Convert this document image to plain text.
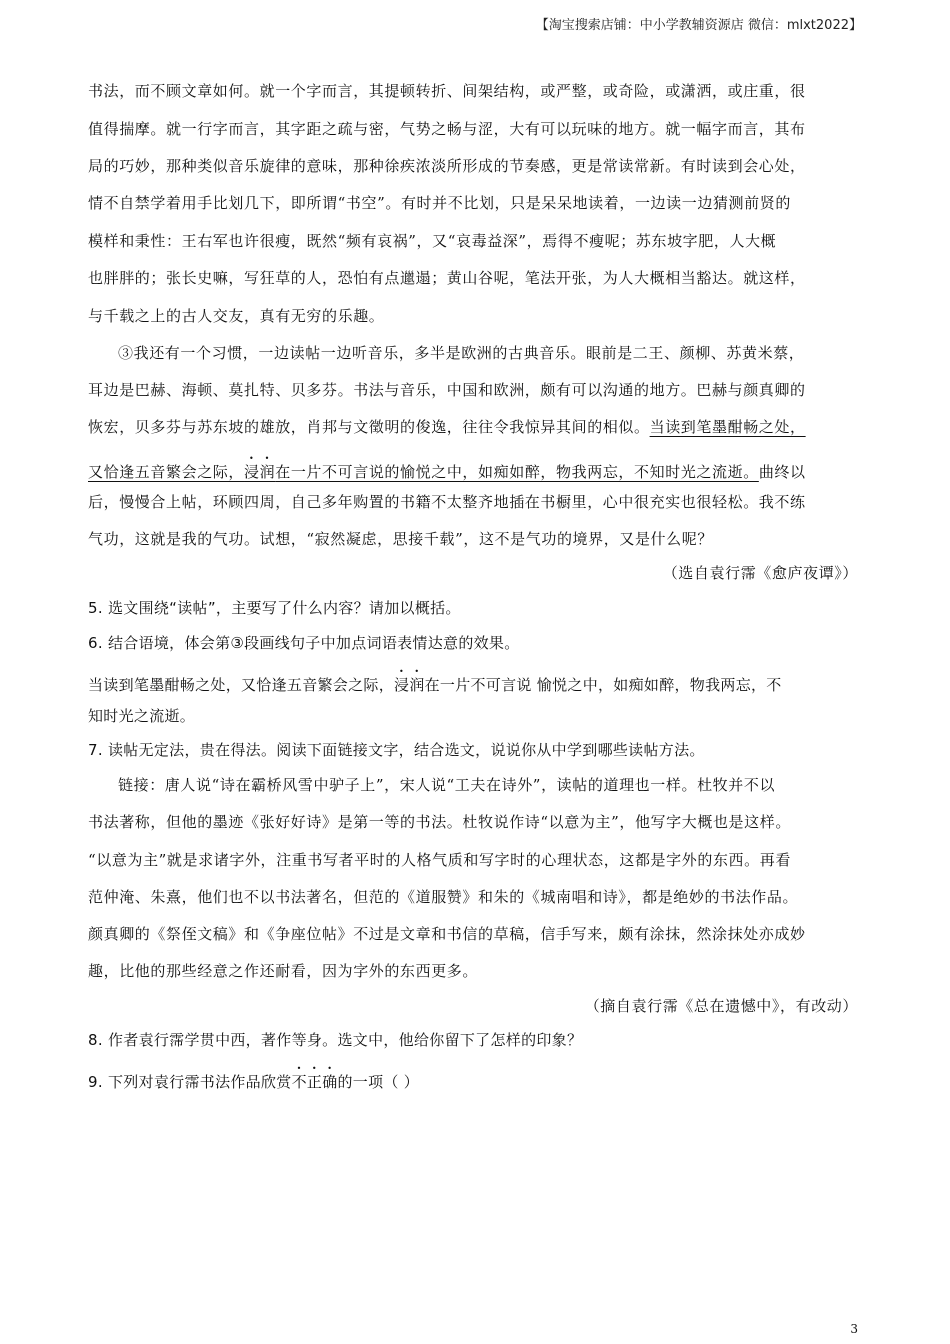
【淘宝搜索店铺：中小学教辅资源店 微信：mlxt2022】
书法，而不顾文章如何。就一个字而言，其提顿转折、间架结构，或严整，或奇险，或潇洒，或庄重，很
值得揣摩。就一行字而言，其字距之疏与密，气势之畅与涩，大有可以玩味的地方。就一幅字而言，其布
局的巧妙，那种类似音乐旋律的意味，那种徐疾浓淡所形成的节奏感，更是常读常新。有时读到会心处，
情不自禁学着用手比划几下，即所谓“书空”。有时并不比划，只是呆呆地读着，一边读一边猜测前贤的
模样和秉性：王右军也许很瘦，既然“频有哀祸”，又“哀毒益深”，焉得不瘦呢；苏东坡字肥，人大概
也胖胖的；张长史嘛，写狂草的人，恐怕有点邋遢；黄山谷呢，笔法开张，为人大概相当豁达。就这样，
与千载之上的古人交友，真有无穷的乐趣。
③我还有一个习惯，一边读帖一边听音乐，多半是欧洲的古典音乐。眼前是二王、颜柳、苏黄米蔡，
耳边是巴赫、海顿、莫扎特、贝多芬。书法与音乐，中国和欧洲，颇有可以沟通的地方。巴赫与颜真卿的
恢宏，贝多芬与苏东坡的雄放，肖邦与文徵明的俊逸，往往令我惊异其间的相似。当读到笔墨酣畅之处，
又恰逢五音繁会之际，浸润在一片不可言说的愉悦之中，如痴如醉，物我两忘，不知时光之流逝。曲终以
后，慢慢合上帖，环顾四周，自己多年购置的书籍不太整齐地插在书橱里，心中很充实也很轻松。我不练
气功，这就是我的气功。试想，“寂然凝虑，思接千载”，这不是气功的境界，又是什么呢？
（选自袁行霈《愈庐夜谭》）
5. 选文围绕“读帖”，主要写了什么内容？请加以概括。
6. 结合语境，体会第③段画线句子中加点词语表情达意的效果。
当读到笔墨酣畅之处，又恰逢五音繁会之际，浸润在一片不可言说 愉悦之中，如痴如醉，物我两忘，不
知时光之流逝。
7. 读帖无定法，贵在得法。阅读下面链接文字，结合选文，说说你从中学到哪些读帖方法。
链接：唐人说“诗在霸桥风雪中驴子上”，宋人说“工夫在诗外”，读帖的道理也一样。杜牧并不以
书法著称，但他的墨迹《张好好诗》是第一等的书法。杜牧说作诗“以意为主”，他写字大概也是这样。
“以意为主”就是求诸字外，注重书写者平时的人格气质和写字时的心理状态，这都是字外的东西。再看
范仲淹、朱熹，他们也不以书法著名，但范的《道服赞》和朱的《城南唱和诗》，都是绝妙的书法作品。
颜真卿的《祭侄文稿》和《争座位帖》不过是文章和书信的草稿，信手写来，颇有涂抹，然涂抹处亦成妙
趣，比他的那些经意之作还耐看，因为字外的东西更多。
（摘自袁行霈《总在遗憾中》，有改动）
8. 作者袁行霈学贯中西，著作等身。选文中，他给你留下了怎样的印象？
9. 下列对袁行霈书法作品欣赏不正确的一项（ ）
3
